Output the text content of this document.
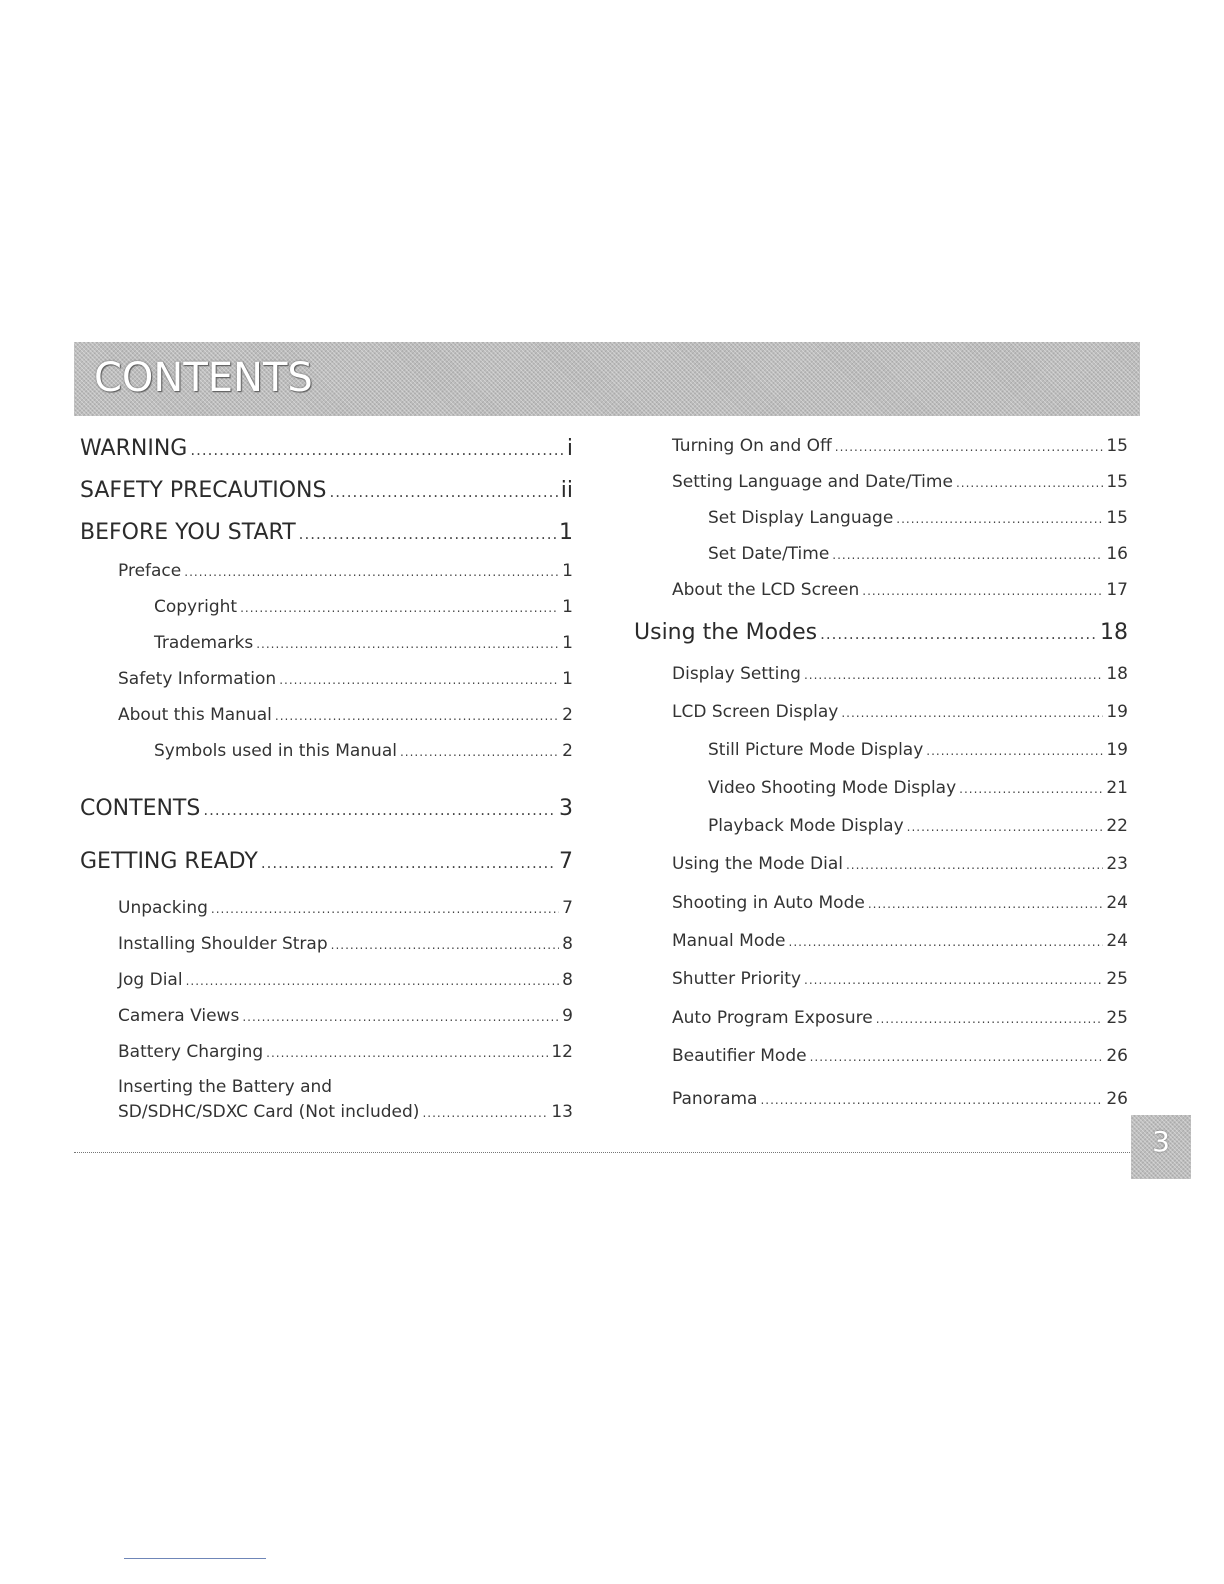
CONTENTS
WARNING .....	i
SAFETY PRECAUTIONS .....	ii
BEFORE YOU START .....	1
Preface .....	1
Copyright .....	1
Trademarks .....	1
Safety Information .....	1
About this Manual .....	2
Symbols used in this Manual .....	2
CONTENTS .....	3
GETTING READY .....	7
Unpacking .....	7
Installing Shoulder Strap .....	8
Jog Dial .....	8
Camera Views .....	9
Battery Charging .....	12
Inserting the Battery and
SD/SDHC/SDXC Card (Not included) .....	13
Turning On and Off .....	15
Setting Language and Date/Time .....	15
Set Display Language .....	15
Set Date/Time .....	16
About the LCD Screen .....	17
Using the Modes .....	18
Display Setting .....	18
LCD Screen Display .....	19
Still Picture Mode Display .....	19
Video Shooting Mode Display .....	21
Playback Mode Display .....	22
Using the Mode Dial .....	23
Shooting in Auto Mode .....	24
Manual Mode .....	24
Shutter Priority .....	25
Auto Program Exposure .....	25
Beautifier Mode .....	26
Panorama .....	26
3
